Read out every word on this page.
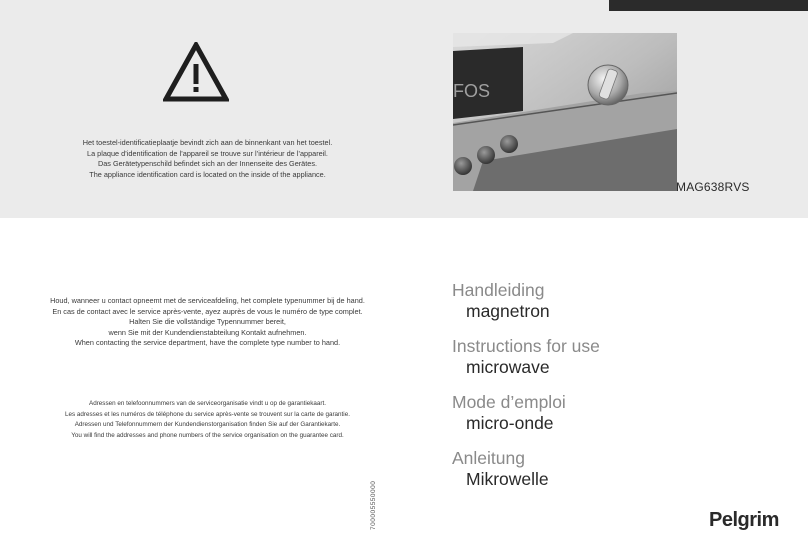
Het toestel-identificatieplaatje bevindt zich aan de binnenkant van het toestel.
La plaque d’identification de l’appareil se trouve sur l’intérieur de l’appareil.
Das Gerätetypenschild befindet sich an der Innenseite des Gerätes.
The appliance identification card is located on the inside of the appliance.
FOS
MAG638RVS
Houd, wanneer u contact opneemt met de serviceafdeling, het complete typenummer bij de hand.
En cas de contact avec le service après-vente, ayez auprès de vous le numéro de type complet.
Halten Sie die vollständige Typennummer bereit,
wenn Sie mit der Kundendienstabteilung Kontakt aufnehmen.
When contacting the service department, have the complete type number to hand.
Adressen en telefoonnummers van de serviceorganisatie vindt u op de garantiekaart.
Les adresses et les numéros de téléphone du service après-vente se trouvent sur la carte de garantie.
Adressen und Telefonnummern der Kundendienstorganisation finden Sie auf der Garantiekarte.
You will find the addresses and phone numbers of the service organisation on the guarantee card.
Handleiding
magnetron
Instructions for use
microwave
Mode d’emploi
micro-onde
Anleitung
Mikrowelle
700005550000	Pelgrim
